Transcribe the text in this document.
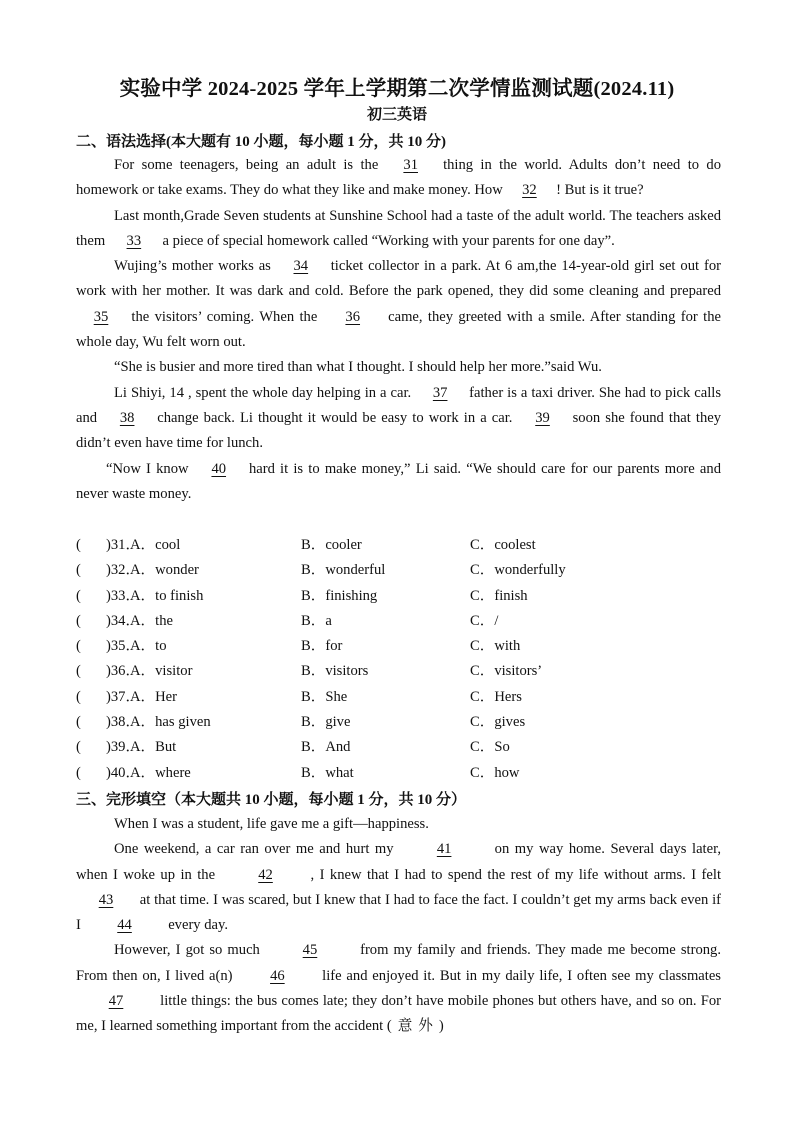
实验中学 2024-2025 学年上学期第二次学情监测试题(2024.11)
初三英语
二、语法选择(本大题有 10 小题，每小题 1 分，共 10 分)

For some teenagers, being an adult is the 31 thing in the world. Adults don’t need to do homework or take exams. They do what they like and make money. How 32 ! But is it true?

Last month,Grade Seven students at Sunshine School had a taste of the adult world. The teachers asked them 33 a piece of special homework called “Working with your parents for one day”.

Wujing’s mother works as 34 ticket collector in a park. At 6 am,the 14-year-old girl set out for work with her mother. It was dark and cold. Before the park opened, they did some cleaning and prepared 35 the visitors’ coming. When the 36 came, they greeted with a smile. After standing for the whole day, Wu felt worn out.

“She is busier and more tired than what I thought. I should help her more.”said Wu.

Li Shiyi, 14 , spent the whole day helping in a car. 37 father is a taxi driver. She had to pick calls and 38 change back. Li thought it would be easy to work in a car. 39 soon she found that they didn’t even have time for lunch.

“Now I know 40 hard it is to make money,” Li said. “We should care for our parents more and never waste money.

( )31．
A．cool	B．cooler	C．coolest
( )32．
A．wonder	B．wonderful	C．wonderfully
( )33．
A．to finish	B．finishing	C．finish
( )34．
A．the	B．a	C．/
( )35．
A．to	B．for	C．with
( )36．
A．visitor	B．visitors	C．visitors’
( )37．
A．Her	B．She	C．Hers
( )38．
A．has given	B．give	C．gives
( )39．
A．But	B．And	C．So
( )40．
A．where	B．what	C．how
三、完形填空（本大题共 10 小题，每小题 1 分，共 10 分）

When I was a student, life gave me a gift—happiness.

One weekend, a car ran over me and hurt my	41	on my way home. Several days later, when I woke up in the	42	, I knew that I had to spend the rest of my life without arms. I felt 43 at that time. I was scared, but I knew that I had to face the fact. I couldn’t get my arms back even if I 44 every day.

However, I got so much	45	from my family and friends. They made me become strong. From then on, I lived a(n)	46	life and enjoyed it. But in my daily life, I often see my classmates 47	little things: the bus comes late; they don’t have mobile phones but others have, and so on. For me, I learned something important from the accident (意外)
